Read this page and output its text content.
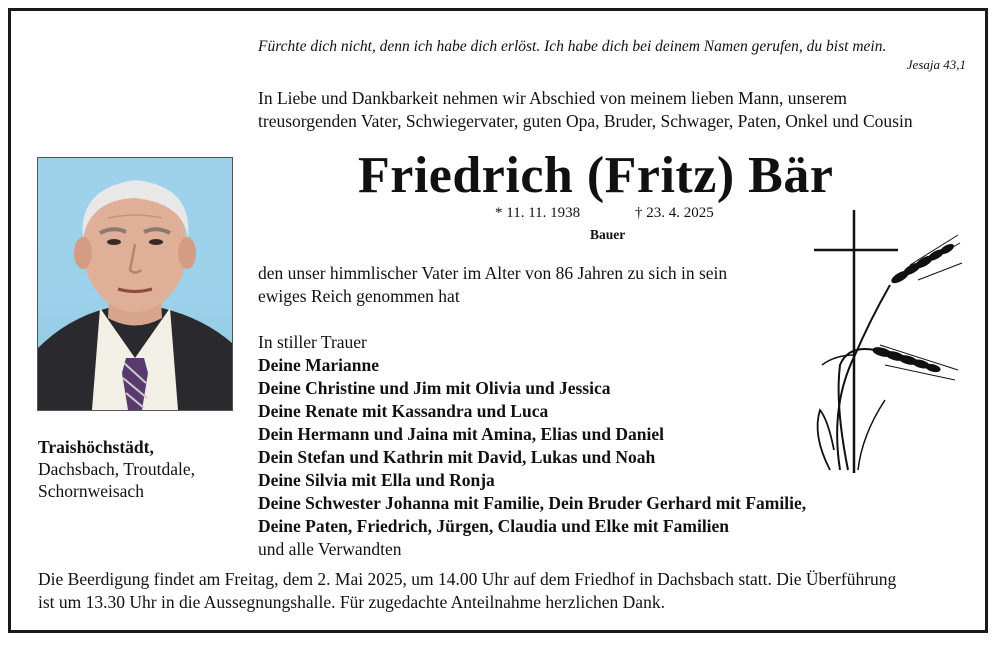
Fürchte dich nicht, denn ich habe dich erlöst. Ich habe dich bei deinem Namen gerufen, du bist mein.
Jesaja 43,1
In Liebe und Dankbarkeit nehmen wir Abschied von meinem lieben Mann, unserem
treusorgenden Vater, Schwiegervater, guten Opa, Bruder, Schwager, Paten, Onkel und Cousin
Friedrich (Fritz) Bär
* 11. 11. 1938	† 23. 4. 2025
Bauer
Traishöchstädt,
Dachsbach, Troutdale,
Schornweisach
den unser himmlischer Vater im Alter von 86 Jahren zu sich in sein
ewiges Reich genommen hat
In stiller Trauer
Deine Marianne
Deine Christine und Jim mit Olivia und Jessica
Deine Renate mit Kassandra und Luca
Dein Hermann und Jaina mit Amina, Elias und Daniel
Dein Stefan und Kathrin mit David, Lukas und Noah
Deine Silvia mit Ella und Ronja
Deine Schwester Johanna mit Familie, Dein Bruder Gerhard mit Familie,
Deine Paten, Friedrich, Jürgen, Claudia und Elke mit Familien
und alle Verwandten
Die Beerdigung findet am Freitag, dem 2. Mai 2025, um 14.00 Uhr auf dem Friedhof in Dachsbach statt. Die Überführung
ist um 13.30 Uhr in die Aussegnungshalle. Für zugedachte Anteilnahme herzlichen Dank.
